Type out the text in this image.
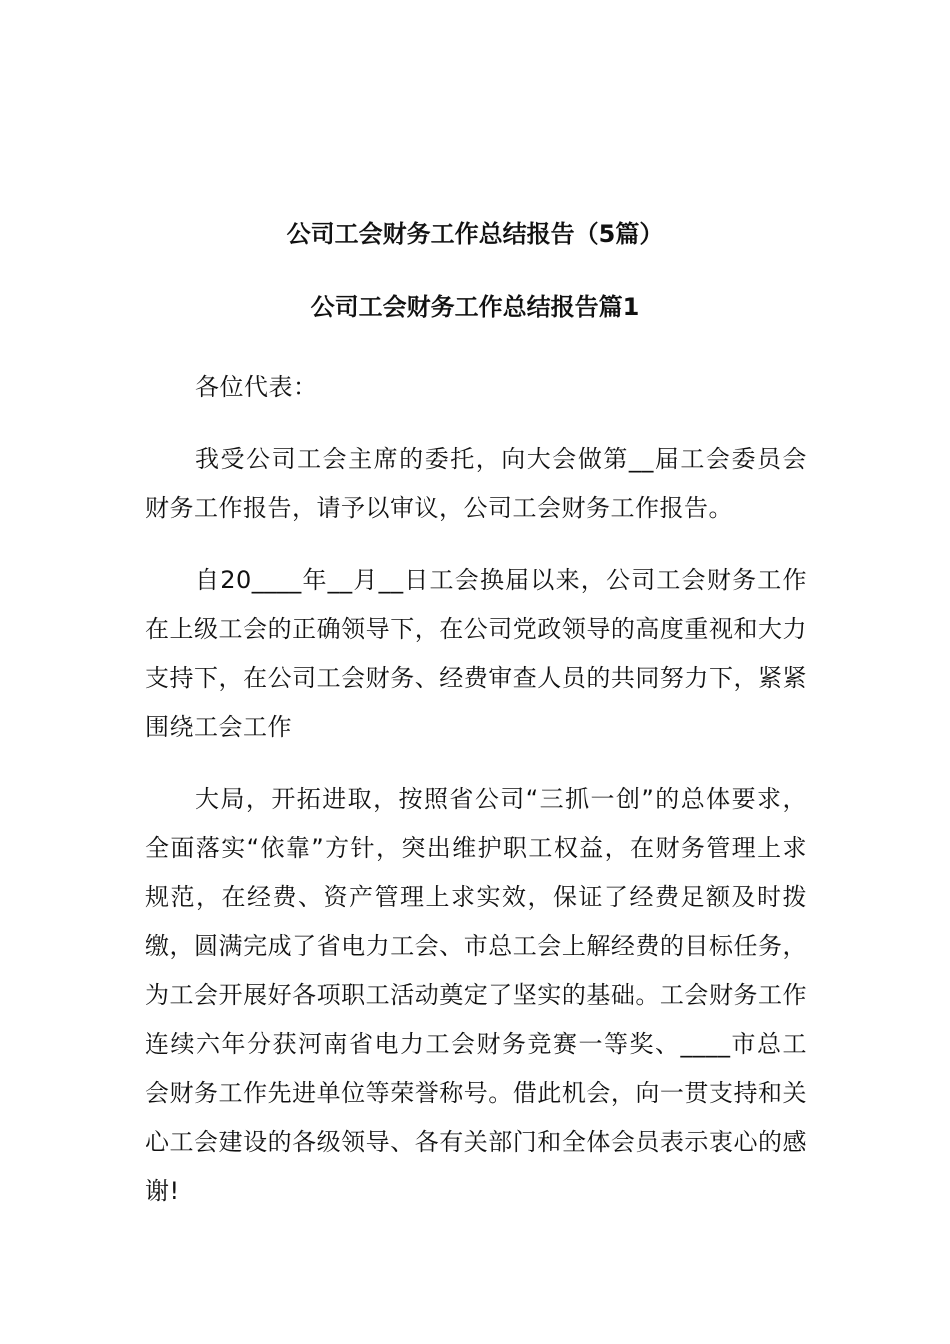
公司工会财务工作总结报告（5篇）
公司工会财务工作总结报告篇1

各位代表：

我受公司工会主席的委托，向大会做第__届工会委员会财务工作报告，请予以审议，公司工会财务工作报告。

自20____年__月__日工会换届以来，公司工会财务工作在上级工会的正确领导下，在公司党政领导的高度重视和大力支持下，在公司工会财务、经费审查人员的共同努力下，紧紧围绕工会工作

大局，开拓进取，按照省公司“三抓一创”的总体要求，全面落实“依靠”方针，突出维护职工权益，在财务管理上求规范，在经费、资产管理上求实效，保证了经费足额及时拨缴，圆满完成了省电力工会、市总工会上解经费的目标任务，为工会开展好各项职工活动奠定了坚实的基础。工会财务工作连续六年分获河南省电力工会财务竞赛一等奖、____市总工会财务工作先进单位等荣誉称号。借此机会，向一贯支持和关心工会建设的各级领导、各有关部门和全体会员表示衷心的感谢!
